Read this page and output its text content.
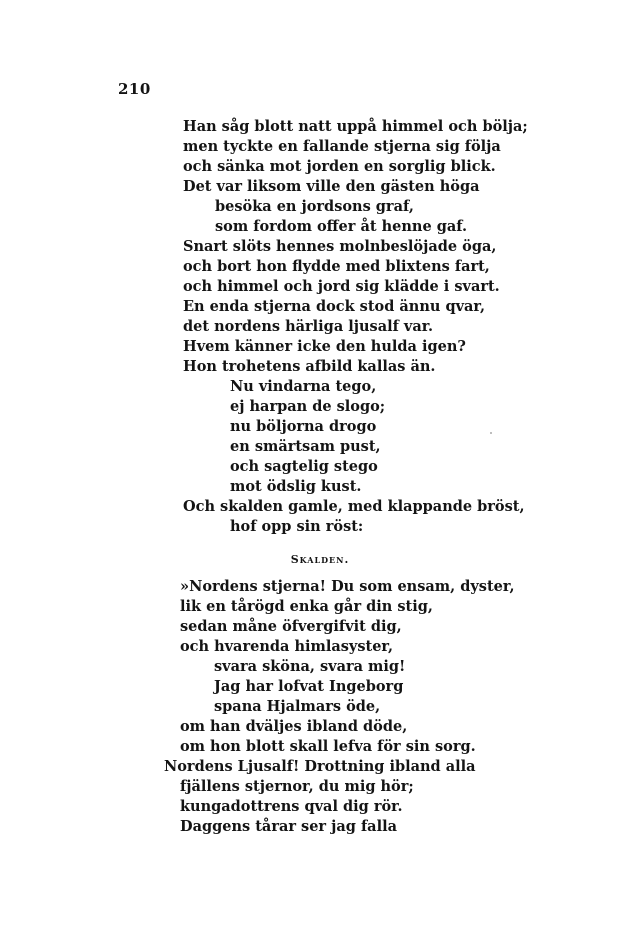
210
Han såg blott natt uppå himmel och bölja;
men tyckte en fallande stjerna sig följa
och sänka mot jorden en sorglig blick.
Det var liksom ville den gästen höga
besöka en jordsons graf,
som fordom offer åt henne gaf.
Snart slöts hennes molnbeslöjade öga,
och bort hon flydde med blixtens fart,
och himmel och jord sig klädde i svart.
En enda stjerna dock stod ännu qvar,
det nordens härliga ljusalf var.
Hvem känner icke den hulda igen?
Hon trohetens afbild kallas än.
Nu vindarna tego,
ej harpan de slogo;
nu böljorna drogo
en smärtsam pust,
och sagtelig stego
mot ödslig kust.
Och skalden gamle, med klappande bröst,
hof opp sin röst:
Skalden.
»Nordens stjerna! Du som ensam, dyster,
lik en tårögd enka går din stig,
sedan måne öfvergifvit dig,
och hvarenda himlasyster,
svara sköna, svara mig!
Jag har lofvat Ingeborg
spana Hjalmars öde,
om han dväljes ibland döde,
om hon blott skall lefva för sin sorg.
Nordens Ljusalf! Drottning ibland alla
fjällens stjernor, du mig hör;
kungadottrens qval dig rör.
Daggens tårar ser jag falla
